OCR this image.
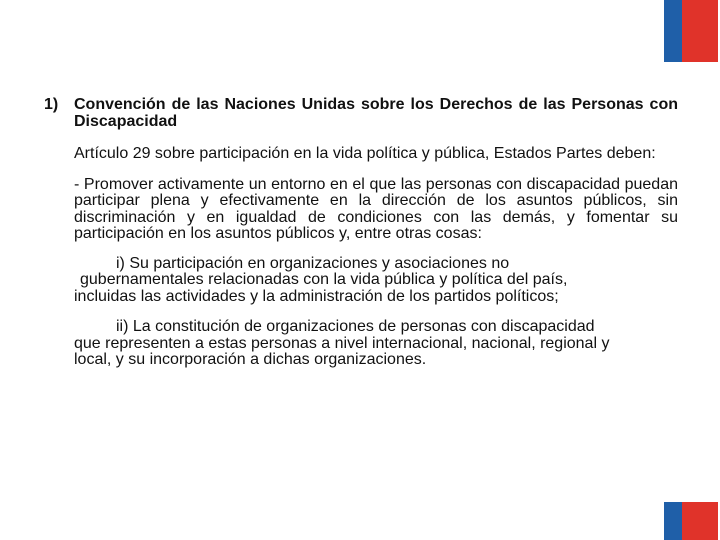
1) Convención de las Naciones Unidas sobre los Derechos de las Personas con Discapacidad
Artículo 29 sobre participación en la vida política y pública, Estados Partes deben:
- Promover activamente un entorno en el que las personas con discapacidad puedan participar plena y efectivamente en la dirección de los asuntos públicos, sin discriminación y en igualdad de condiciones con las demás, y fomentar su participación en los asuntos públicos y, entre otras cosas:
i) Su participación en organizaciones y asociaciones no
gubernamentales relacionadas con la vida pública y política del país,
incluidas las actividades y la administración de los partidos políticos;
ii) La constitución de organizaciones de personas con discapacidad
que representen a estas personas a nivel internacional, nacional, regional y
local, y su incorporación a dichas organizaciones.
